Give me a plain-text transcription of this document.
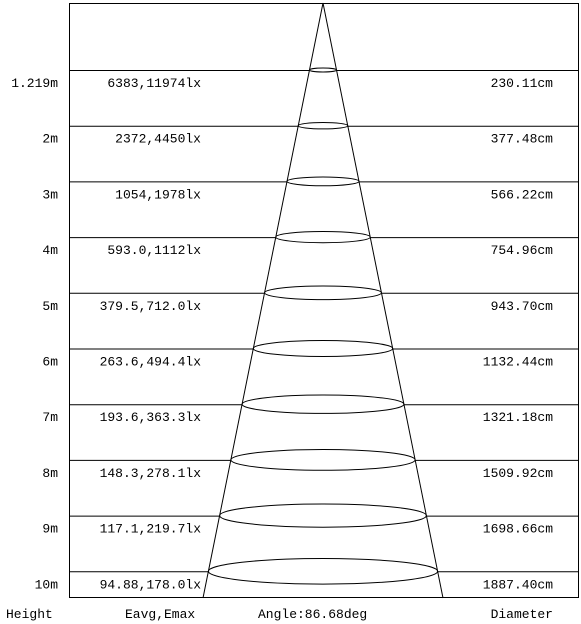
1.219m	6383,11974lx	230.11cm
2m	2372,4450lx	377.48cm
3m	1054,1978lx	566.22cm
4m	593.0,1112lx	754.96cm
5m	379.5,712.0lx	943.70cm
6m	263.6,494.4lx	1132.44cm
7m	193.6,363.3lx	1321.18cm
8m	148.3,278.1lx	1509.92cm
9m	117.1,219.7lx	1698.66cm
10m	94.88,178.0lx	1887.40cm
Height	Eavg,Emax	Angle:86.68deg	Diameter
